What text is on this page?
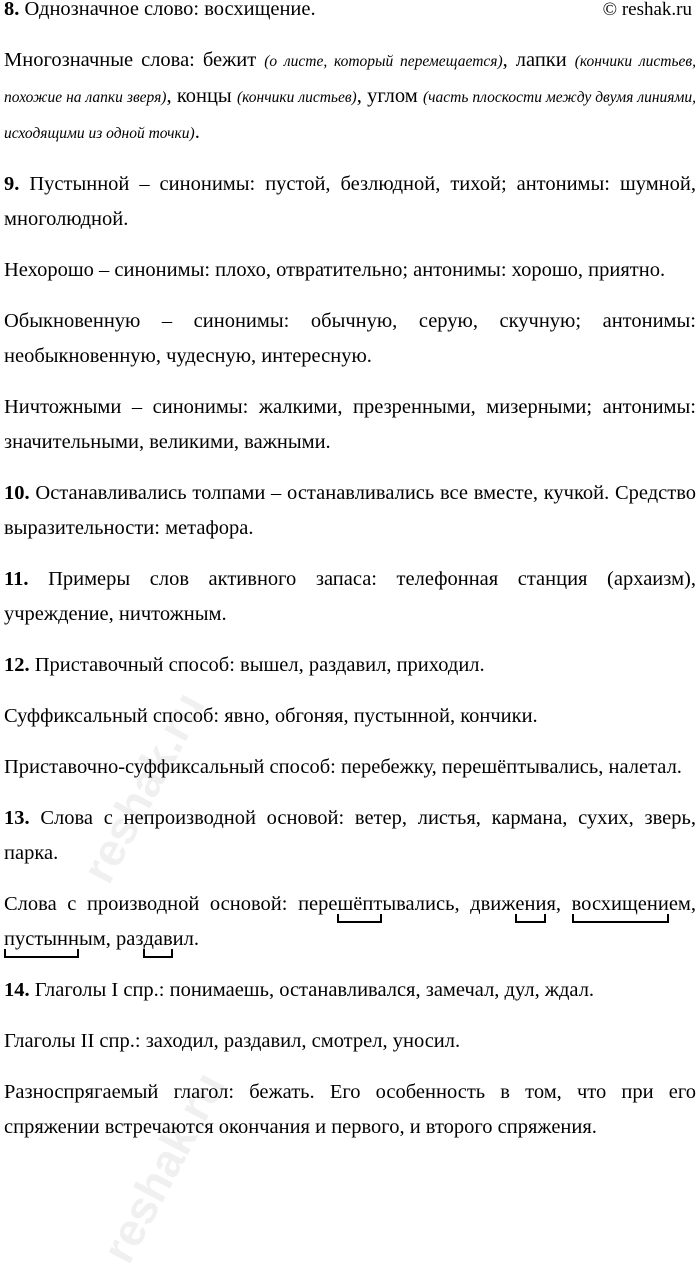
reshak.ru
reshak.ru
© reshak.ru

8. Однозначное слово: восхищение.

Многозначные слова: бежит (о листе, который перемещается), лапки (кончики листьев, похожие на лапки зверя), концы (кончики листьев), углом (часть плоскости между двумя линиями, исходящими из одной точки).

9. Пустынной – синонимы: пустой, безлюдной, тихой; антонимы: шумной, многолюдной.

Нехорошо – синонимы: плохо, отвратительно; антонимы: хорошо, приятно.

Обыкновенную – синонимы: обычную, серую, скучную; антонимы: необыкновенную, чудесную, интересную.

Ничтожными – синонимы: жалкими, презренными, мизерными; антонимы: значительными, великими, важными.

10. Останавливались толпами – останавливались все вместе, кучкой. Средство выразительности: метафора.

11. Примеры слов активного запаса: телефонная станция (архаизм), учреждение, ничтожным.

12. Приставочный способ: вышел, раздавил, приходил.

Суффиксальный способ: явно, обгоняя, пустынной, кончики.

Приставочно-суффиксальный способ: перебежку, перешёптывались, налетал.

13. Слова с непроизводной основой: ветер, листья, кармана, сухих, зверь, парка.

Слова с производной основой: перешёптывались, движения, восхищением, пустынным, раздавил.

14. Глаголы I спр.: понимаешь, останавливался, замечал, дул, ждал.

Глаголы II спр.: заходил, раздавил, смотрел, уносил.

Разноспрягаемый глагол: бежать. Его особенность в том, что при его спряжении встречаются окончания и первого, и второго спряжения.
